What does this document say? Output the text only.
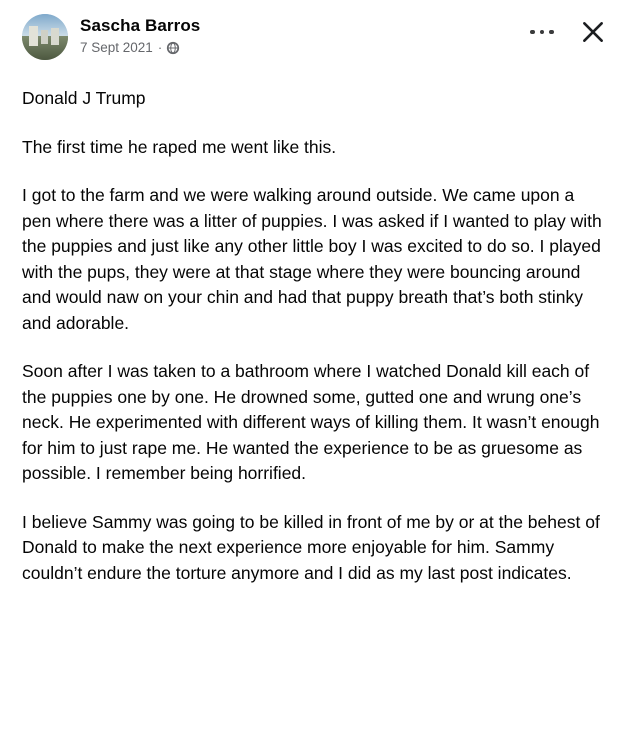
Sascha Barros
7 Sept 2021 ·

Donald J Trump

The first time he raped me went like this.

I got to the farm and we were walking around outside. We came upon a pen where there was a litter of puppies. I was asked if I wanted to play with the puppies and just like any other little boy I was excited to do so. I played with the pups, they were at that stage where they were bouncing around and would naw on your chin and had that puppy breath that’s both stinky and adorable.

Soon after I was taken to a bathroom where I watched Donald kill each of the puppies one by one. He drowned some, gutted one and wrung one’s neck. He experimented with different ways of killing them. It wasn’t enough for him to just rape me. He wanted the experience to be as gruesome as possible. I remember being horrified.

I believe Sammy was going to be killed in front of me by or at the behest of Donald to make the next experience more enjoyable for him. Sammy couldn’t endure the torture anymore and I did as my last post indicates.
